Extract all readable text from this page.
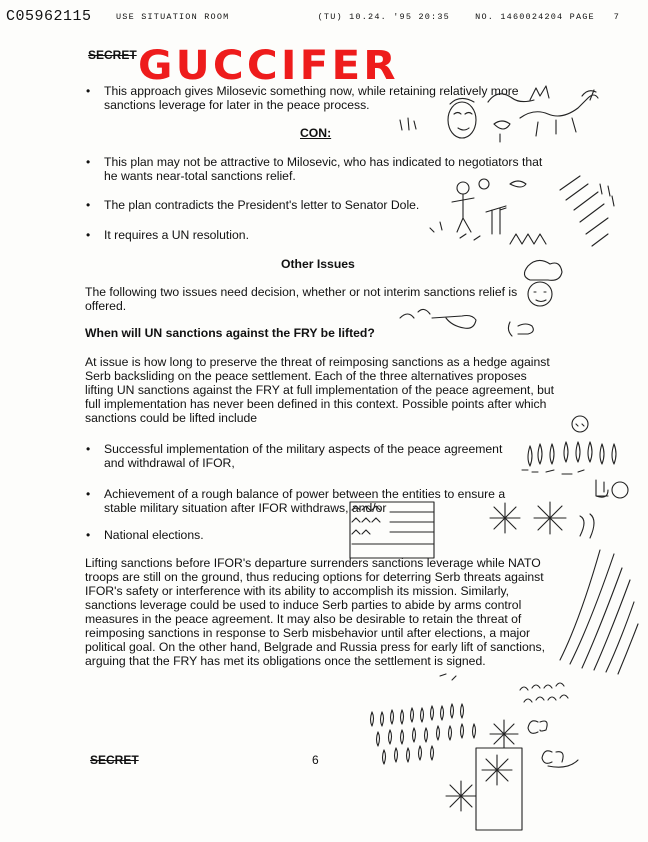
C05962115	USE SITUATION ROOM              (TU) 10.24. '95 20:35    NO. 1460024204 PAGE   7
SECRET GUCCIFER
• This approach gives Milosevic something now, while retaining relatively more sanctions leverage for later in the peace process.
CON:
• This plan may not be attractive to Milosevic, who has indicated to negotiators that he wants near-total sanctions relief.
• The plan contradicts the President's letter to Senator Dole.
• It requires a UN resolution.
Other Issues
The following two issues need decision, whether or not interim sanctions relief is offered.
When will UN sanctions against the FRY be lifted?
At issue is how long to preserve the threat of reimposing sanctions as a hedge against Serb backsliding on the peace settlement. Each of the three alternatives proposes lifting UN sanctions against the FRY at full implementation of the peace agreement, but full implementation has never been defined in this context. Possible points after which sanctions could be lifted include
• Successful implementation of the military aspects of the peace agreement and withdrawal of IFOR,
• Achievement of a rough balance of power between the entities to ensure a stable military situation after IFOR withdraws, and/or
• National elections.
Lifting sanctions before IFOR's departure surrenders sanctions leverage while NATO troops are still on the ground, thus reducing options for deterring Serb threats against IFOR's safety or interference with its ability to accomplish its mission. Similarly, sanctions leverage could be used to induce Serb parties to abide by arms control measures in the peace agreement. It may also be desirable to retain the threat of reimposing sanctions in response to Serb misbehavior until after elections, a major political goal. On the other hand, Belgrade and Russia press for early lift of sanctions, arguing that the FRY has met its obligations once the settlement is signed.
SECRET	6
